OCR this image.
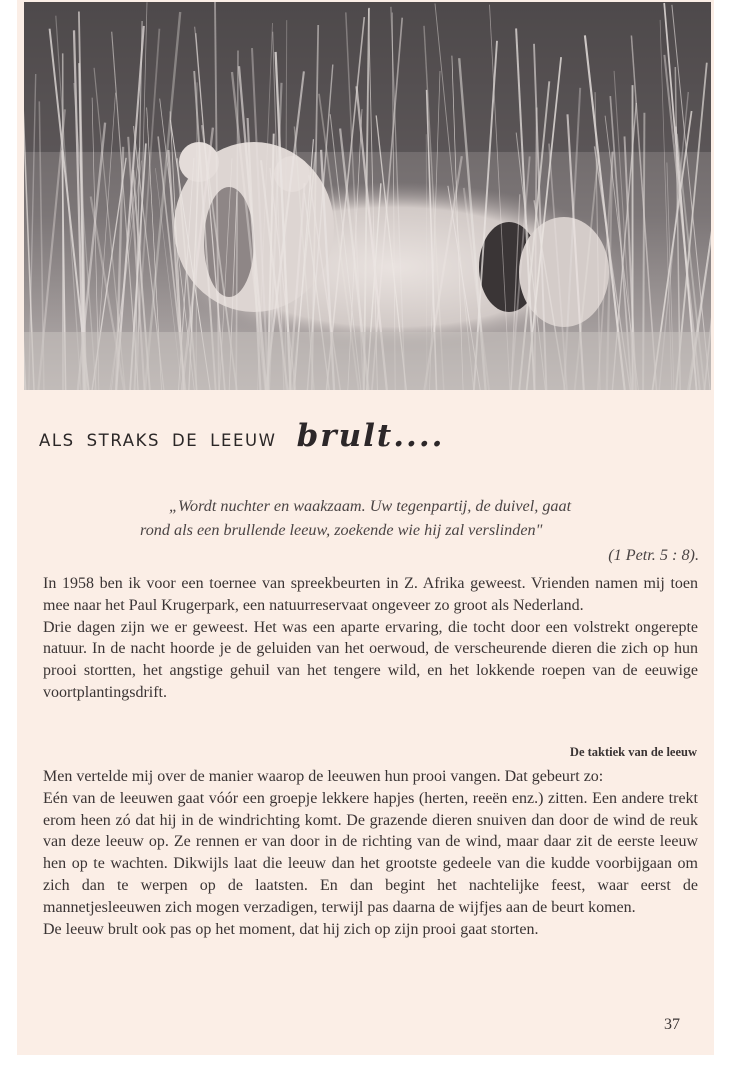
ALS STRAKS DE LEEUW brult....
„Wordt nuchter en waakzaam. Uw tegenpartij, de duivel, gaat
rond als een brullende leeuw, zoekende wie hij zal verslinden"
(1 Petr. 5 : 8).

In 1958 ben ik voor een toernee van spreekbeurten in Z. Afrika geweest. Vrienden namen mij toen mee naar het Paul Krugerpark, een natuurreservaat ongeveer zo groot als Nederland.

Drie dagen zijn we er geweest. Het was een aparte ervaring, die tocht door een volstrekt ongerepte natuur. In de nacht hoorde je de geluiden van het oerwoud, de verscheurende dieren die zich op hun prooi stortten, het angstige gehuil van het tengere wild, en het lokkende roepen van de eeuwige voortplantingsdrift.

De taktiek van de leeuw

Men vertelde mij over de manier waarop de leeuwen hun prooi vangen. Dat gebeurt zo:

Eén van de leeuwen gaat vóór een groepje lekkere hapjes (herten, reeën enz.) zitten. Een andere trekt erom heen zó dat hij in de windrichting komt. De grazende dieren snuiven dan door de wind de reuk van deze leeuw op. Ze rennen er van door in de richting van de wind, maar daar zit de eerste leeuw hen op te wachten. Dikwijls laat die leeuw dan het grootste gedeele van die kudde voorbijgaan om zich dan te werpen op de laatsten. En dan begint het nachtelijke feest, waar eerst de mannetjesleeuwen zich mogen verzadigen, terwijl pas daarna de wijfjes aan de beurt komen.

De leeuw brult ook pas op het moment, dat hij zich op zijn prooi gaat storten.

37
